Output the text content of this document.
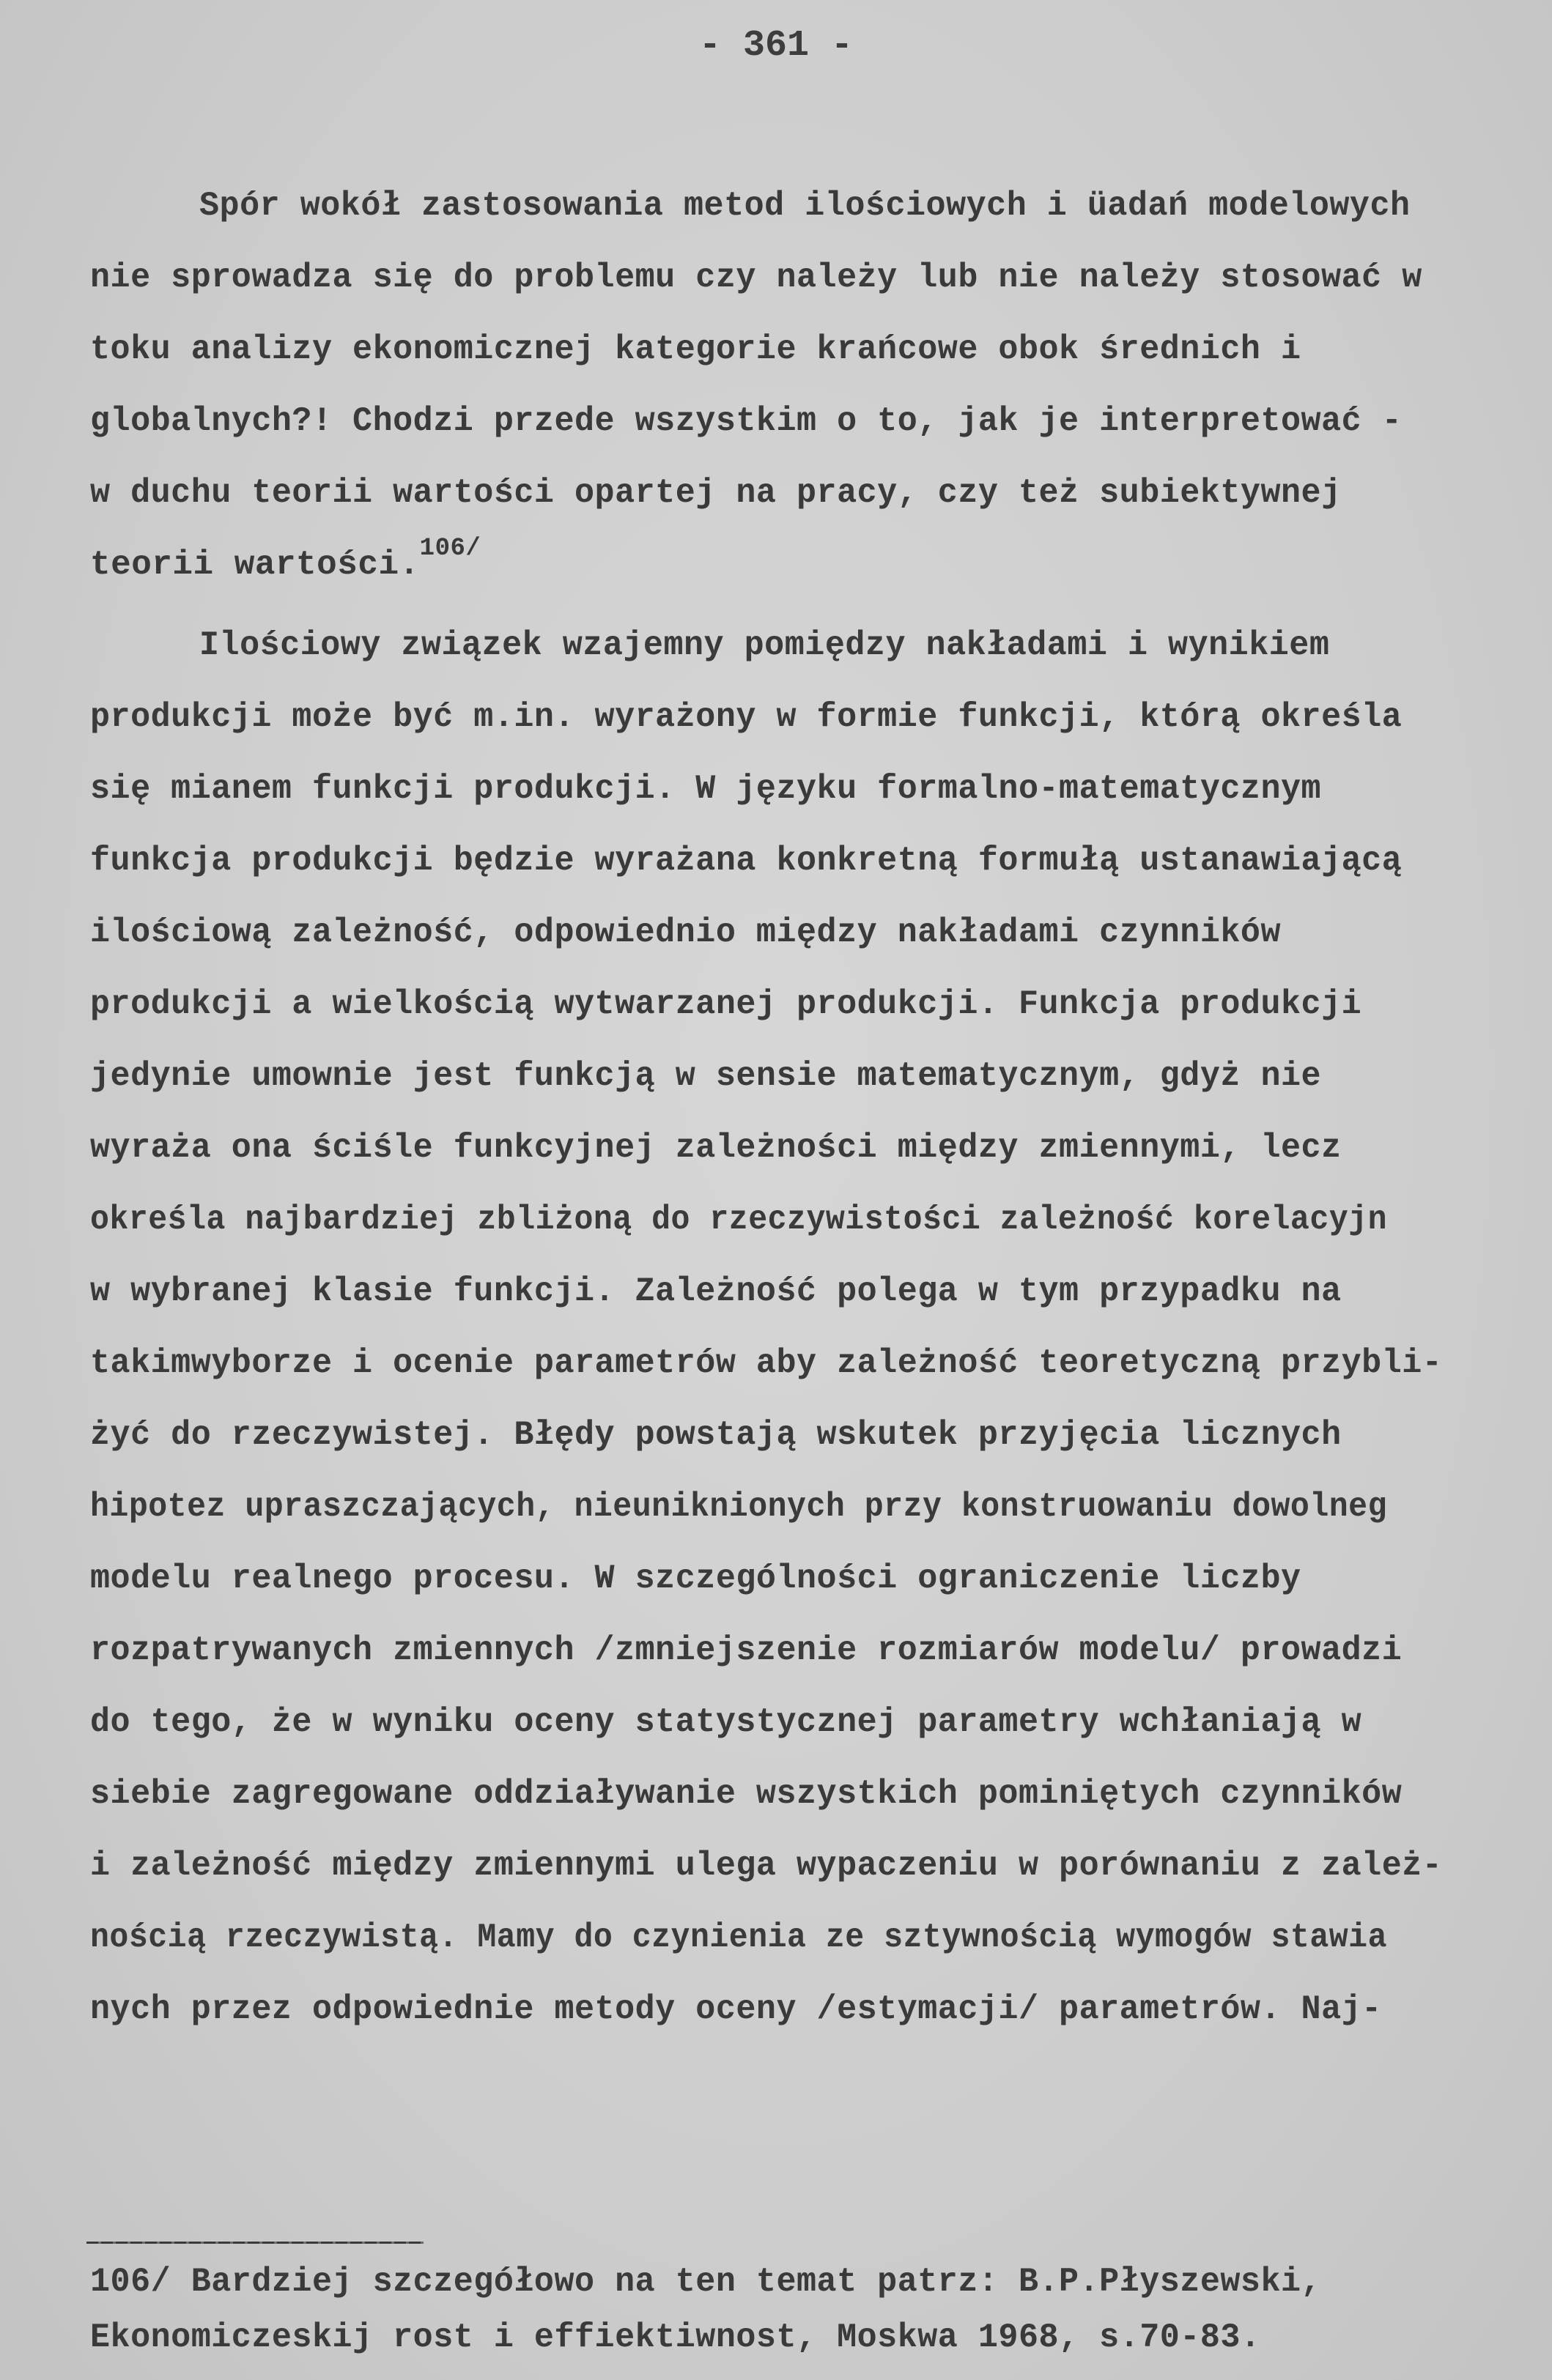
- 361 -
Spór wokół zastosowania metod ilościowych i üadań modelowych
nie sprowadza się do problemu czy należy lub nie należy stosować w
toku analizy ekonomicznej kategorie krańcowe obok średnich i
globalnych?! Chodzi przede wszystkim o to, jak je interpretować -
w duchu teorii wartości opartej na pracy, czy też subiektywnej
teorii wartości.$^{106/}$
Ilościowy związek wzajemny pomiędzy nakładami i wynikiem
produkcji może być m.in. wyrażony w formie funkcji, którą określa
się mianem funkcji produkcji. W języku formalno-matematycznym
funkcja produkcji będzie wyrażana konkretną formułą ustanawiającą
ilościową zależność, odpowiednio między nakładami czynników
produkcji a wielkością wytwarzanej produkcji. Funkcja produkcji
jedynie umownie jest funkcją w sensie matematycznym, gdyż nie
wyraża ona ściśle funkcyjnej zależności między zmiennymi, lecz
określa najbardziej zbliżoną do rzeczywistości zależność korelacyjn
w wybranej klasie funkcji. Zależność polega w tym przypadku na
takimwyborze i ocenie parametrów aby zależność teoretyczną przybli-
żyć do rzeczywistej. Błędy powstają wskutek przyjęcia licznych
hipotez upraszczających, nieuniknionych przy konstruowaniu dowolneg
modelu realnego procesu. W szczególności ograniczenie liczby
rozpatrywanych zmiennych /zmniejszenie rozmiarów modelu/ prowadzi
do tego, że w wyniku oceny statystycznej parametry wchłaniają w
siebie zagregowane oddziaływanie wszystkich pominiętych czynników
i zależność między zmiennymi ulega wypaczeniu w porównaniu z zależ-
nością rzeczywistą. Mamy do czynienia ze sztywnością wymogów stawia
nych przez odpowiednie metody oceny /estymacji/ parametrów. Naj-
106/ Bardziej szczegółowo na ten temat patrz: B.P.Płyszewski,
Ekonomiczeskij rost i effiektiwnost, Moskwa 1968, s.70-83.
